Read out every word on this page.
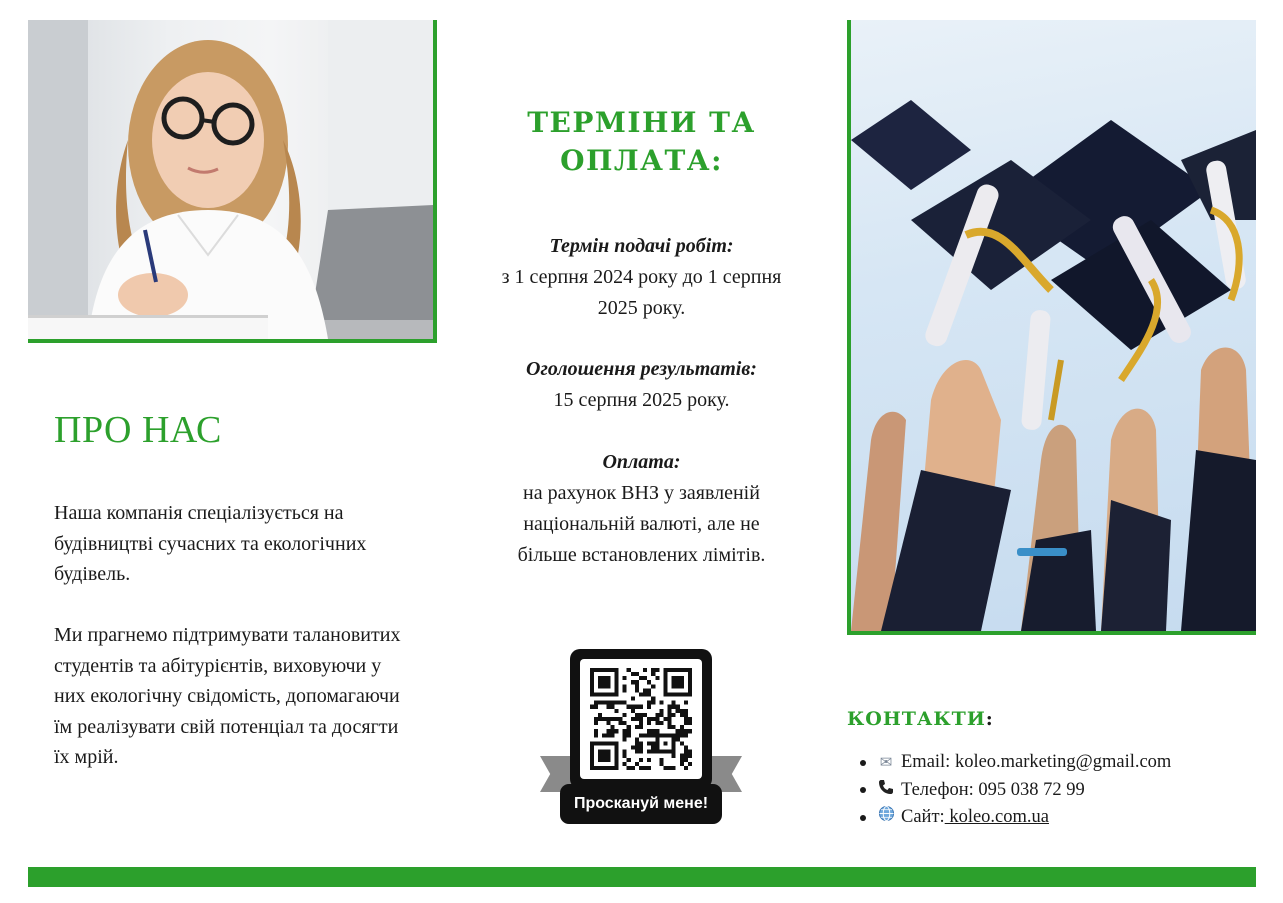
ПРО НАС

Наша компанія спеціалізується на будівництві сучасних та екологічних будівель.

Ми прагнемо підтримувати талановитих студентів та абітурієнтів, виховуючи у них екологічну свідомість, допомагаючи їм реалізувати свій потенціал та досягти їх мрій.

ТЕРМІНИ ТА
ОПЛАТА:
Термін подачі робіт:
з 1 серпня 2024 року до 1 серпня
2025 року.
Оголошення результатів:
15 серпня 2025 року.
Оплата:
на рахунок ВНЗ у заявленій
національній валюті, але не
більше встановлених лімітів.
Проскануй мене!
КОНТАКТИ:
✉ Email: koleo.marketing@gmail.com
Телефон: 095 038 72 99
Сайт: koleo.com.ua
